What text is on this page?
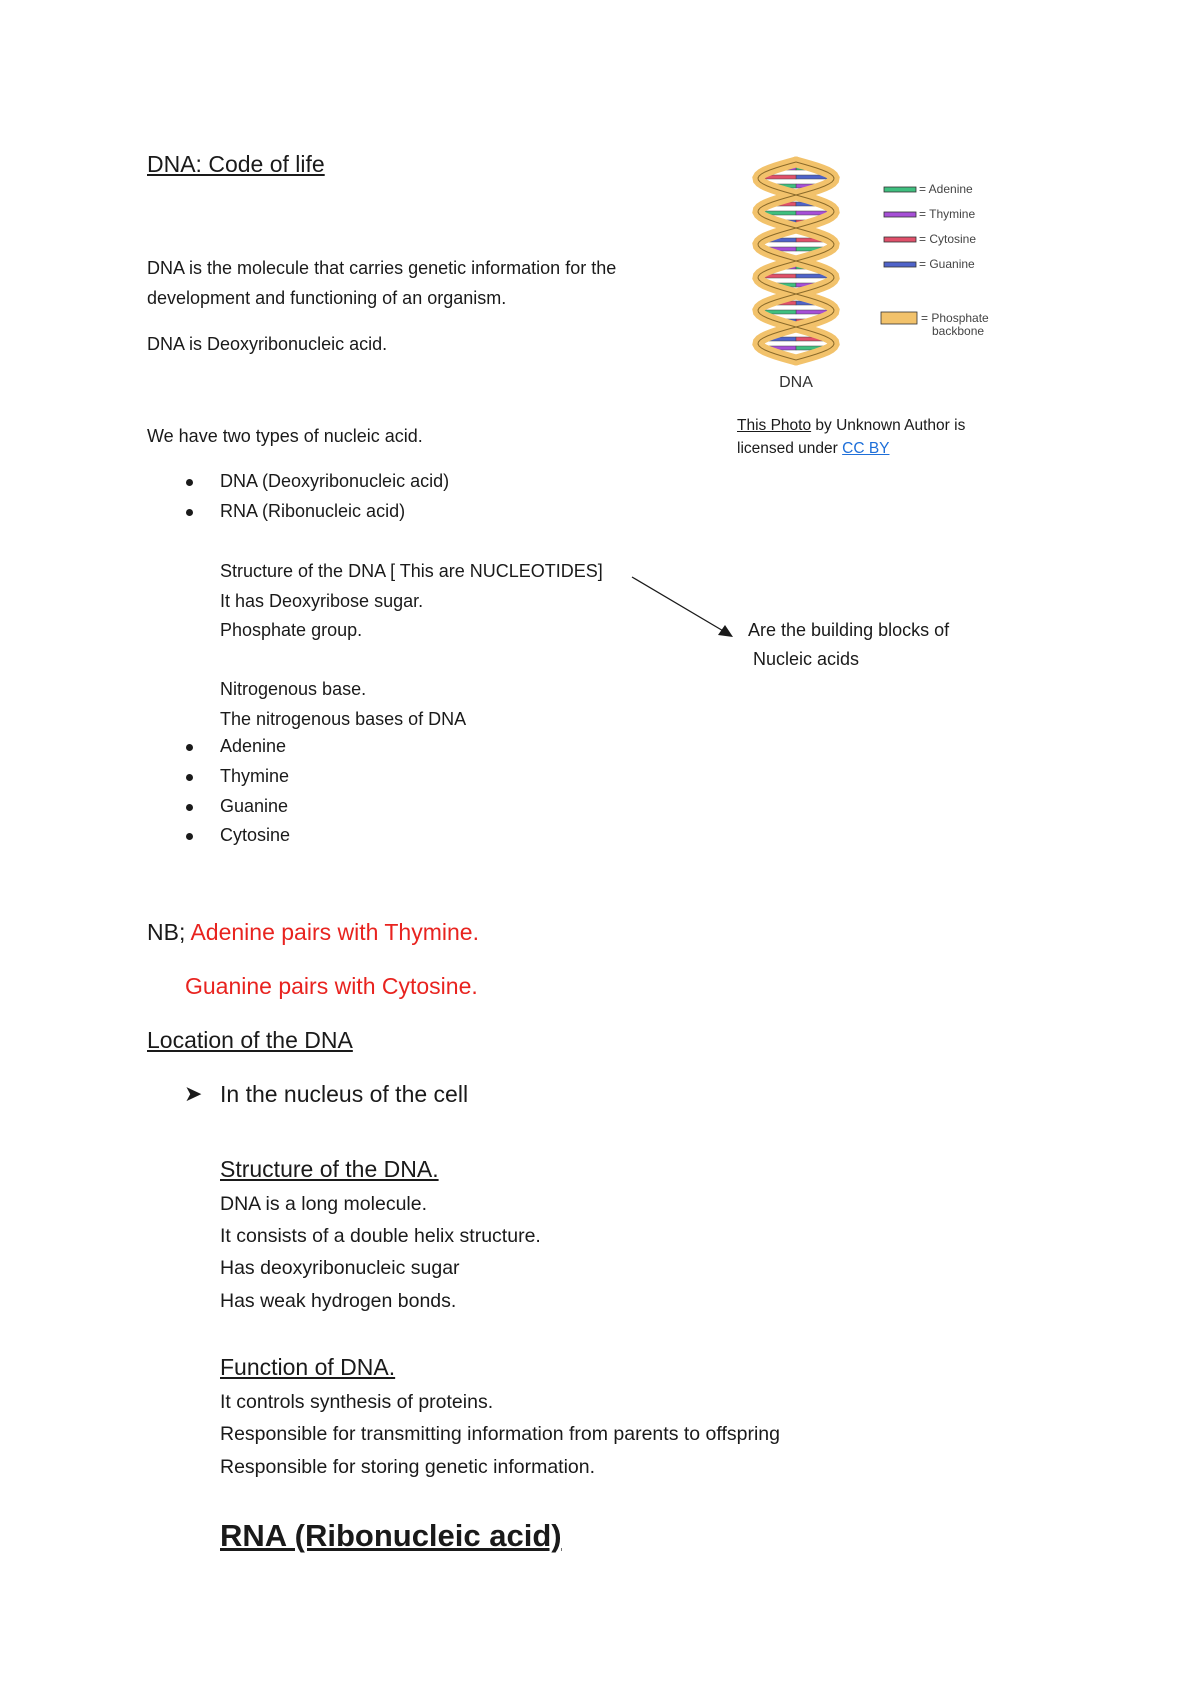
DNA: Code of life
DNA is the molecule that carries genetic information for the
development and functioning of an organism.
DNA is Deoxyribonucleic acid.
We have two types of nucleic acid.
DNA (Deoxyribonucleic acid)
RNA (Ribonucleic acid)
Structure of the DNA [ This are NUCLEOTIDES]
It has Deoxyribose sugar.
Phosphate group.
Nitrogenous base.
The nitrogenous bases of DNA
Are the building blocks of
Nucleic acids
Adenine
Thymine
Guanine
Cytosine
NB; Adenine pairs with Thymine.
Guanine pairs with Cytosine.
Location of the DNA
➤ In the nucleus of the cell
Structure of the DNA.
DNA is a long molecule.
It consists of a double helix structure.
Has deoxyribonucleic sugar
Has weak hydrogen bonds.
Function of DNA.
It controls synthesis of proteins.
Responsible for transmitting information from parents to offspring
Responsible for storing genetic information.
RNA (Ribonucleic acid)
DNA
= Adenine
= Thymine
= Cytosine
= Guanine
= Phosphate
backbone
This Photo by Unknown Author is
licensed under CC BY
